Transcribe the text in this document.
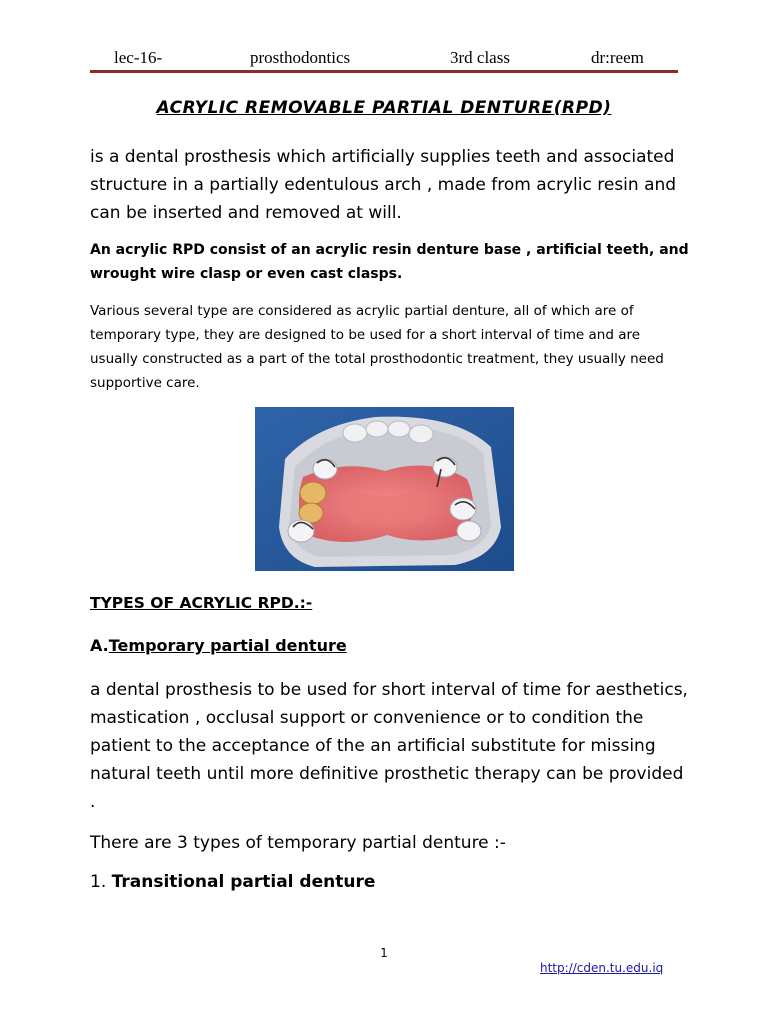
lec-16-	prosthodontics	3rd class	dr:reem
ACRYLIC REMOVABLE PARTIAL DENTURE(RPD)

is a dental prosthesis which artificially supplies teeth and associated structure in a partially edentulous arch , made from acrylic resin and can be inserted and removed at will.

An acrylic RPD consist of an acrylic resin denture base , artificial teeth, and wrought wire clasp or even cast clasps.

Various several type are considered as acrylic partial denture, all of which are of temporary type, they are designed to be used for a short interval of time and are usually constructed as a part of the total prosthodontic treatment, they usually need supportive care.

TYPES OF ACRYLIC RPD.:-
A.Temporary partial denture

a dental prosthesis to be used for short interval of time for aesthetics, mastication , occlusal support or convenience or to condition the patient to the acceptance of the an artificial substitute for missing natural teeth until more definitive prosthetic therapy can be provided .

There are 3 types of temporary partial denture :-

1. Transitional partial denture
1
http://cden.tu.edu.iq
